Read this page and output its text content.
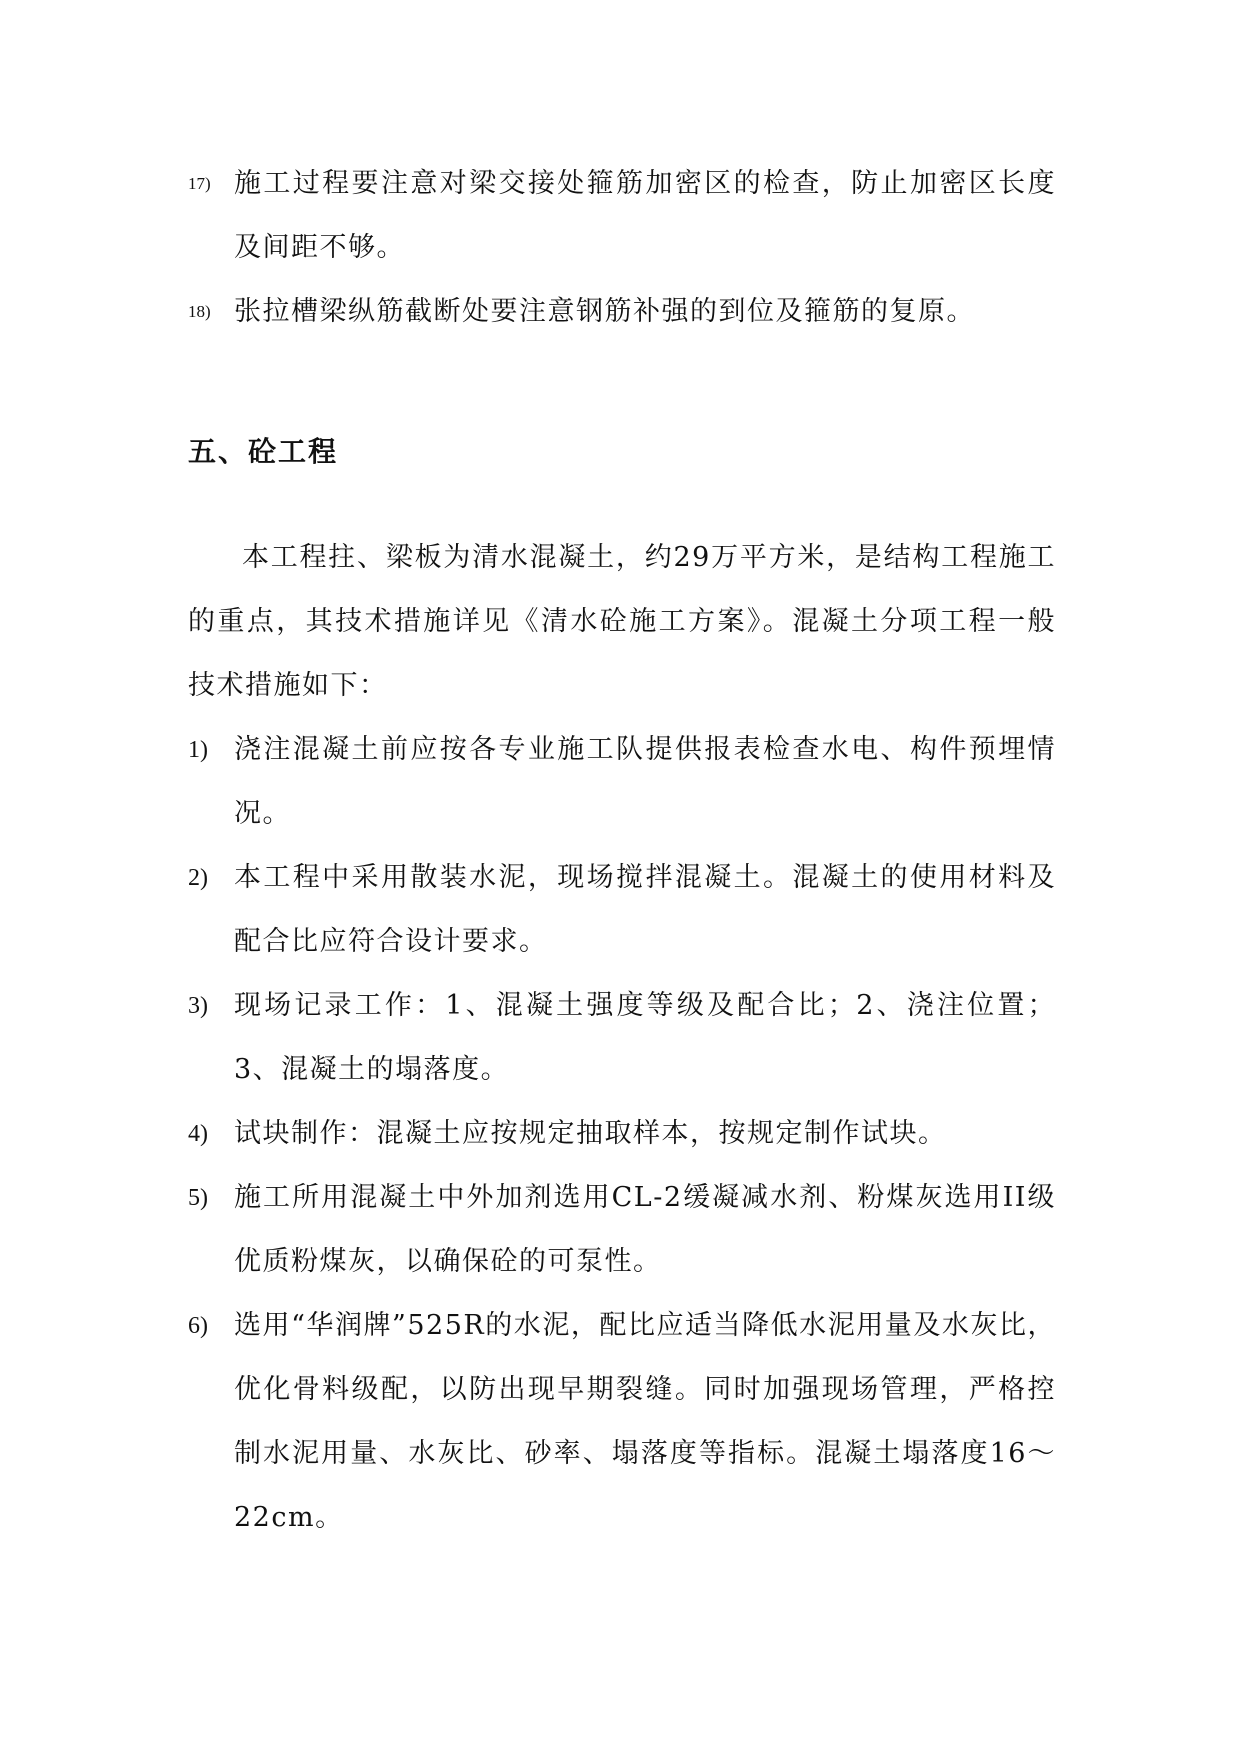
17) 施工过程要注意对梁交接处箍筋加密区的检查，防止加密区长度及间距不够。
18) 张拉槽梁纵筋截断处要注意钢筋补强的到位及箍筋的复原。
五、砼工程
本工程拄、梁板为清水混凝土，约29万平方米，是结构工程施工的重点，其技术措施详见《清水砼施工方案》。混凝土分项工程一般技术措施如下：
1) 浇注混凝土前应按各专业施工队提供报表检查水电、构件预埋情况。
2) 本工程中采用散装水泥，现场搅拌混凝土。混凝土的使用材料及配合比应符合设计要求。
3) 现场记录工作：1、混凝土强度等级及配合比；2、浇注位置；3、混凝土的塌落度。
4) 试块制作：混凝土应按规定抽取样本，按规定制作试块。
5) 施工所用混凝土中外加剂选用CL-2缓凝减水剂、粉煤灰选用II级优质粉煤灰，以确保砼的可泵性。
6) 选用“华润牌”525R的水泥，配比应适当降低水泥用量及水灰比，优化骨料级配，以防出现早期裂缝。同时加强现场管理，严格控制水泥用量、水灰比、砂率、塌落度等指标。混凝土塌落度16～22cm。
